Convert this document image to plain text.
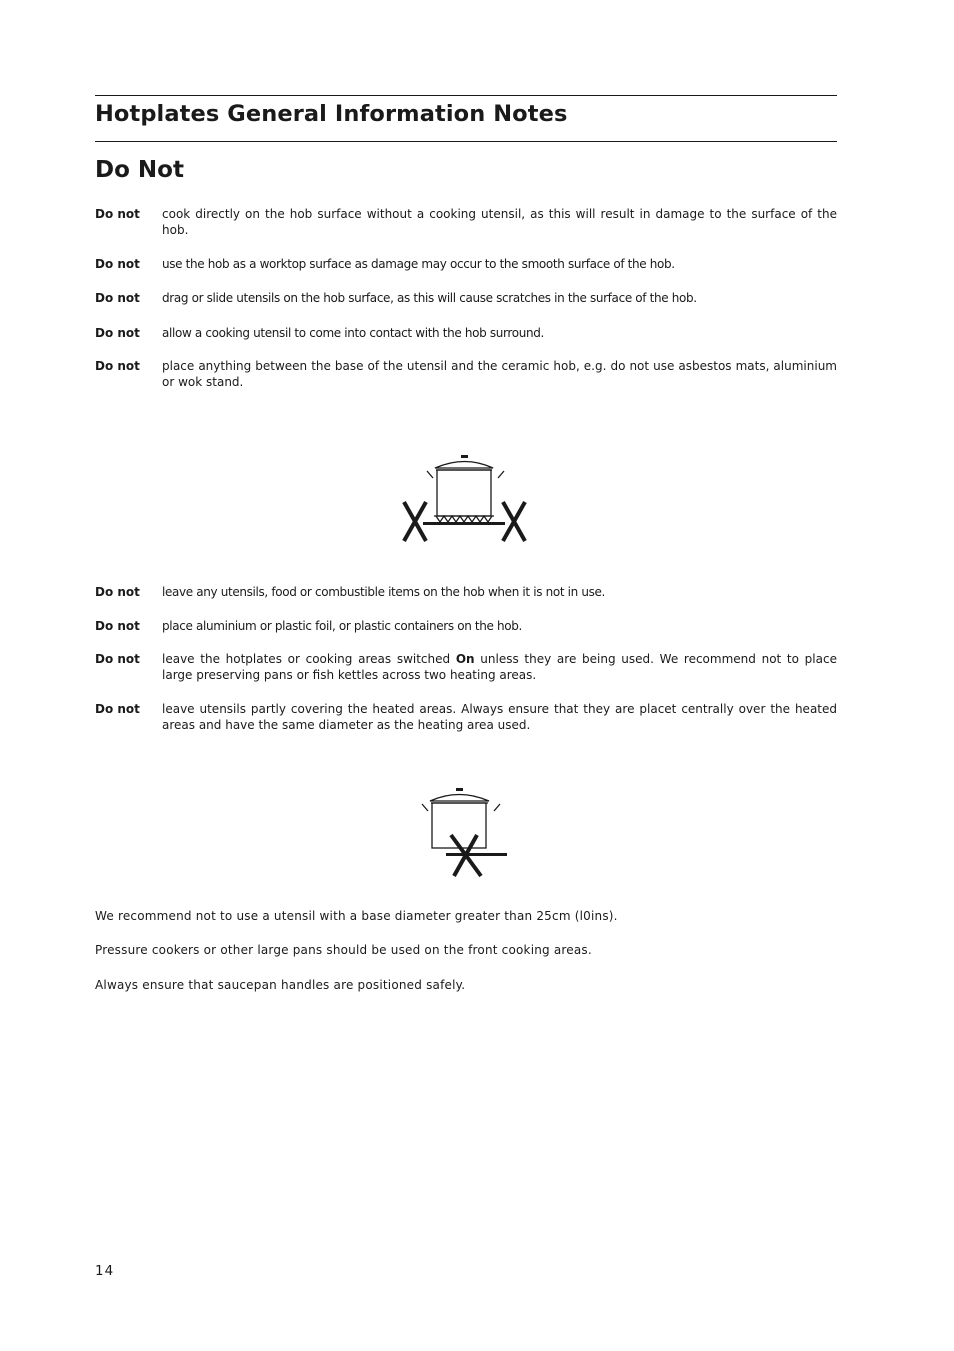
Hotplates General Information Notes
Do Not
Do not	cook directly on the hob surface without a cooking utensil, as this will result in damage to the surface of the hob.
Do not	use the hob as a worktop surface as damage may occur to the smooth surface of the hob.
Do not	drag or slide utensils on the hob surface, as this will cause scratches in the surface of the hob.
Do not	allow a cooking utensil to come into contact with the hob surround.
Do not	place anything between the base of the utensil and the ceramic hob, e.g. do not use asbestos mats, aluminium or wok stand.
Do not	leave any utensils, food or combustible items on the hob when it is not in use.
Do not	place aluminium or plastic foil, or plastic containers on the hob.
Do not	leave the hotplates or cooking areas switched On unless they are being used. We recommend not to place large preserving pans or fish kettles across two heating areas.
Do not	leave utensils partly covering the heated areas. Always ensure that they are placet centrally over the heated areas and have the same diameter as the heating area used.

We recommend not to use a utensil with a base diameter greater than 25cm (l0ins).

Pressure cookers or other large pans should be used on the front cooking areas.

Always ensure that saucepan handles are positioned safely.

14
